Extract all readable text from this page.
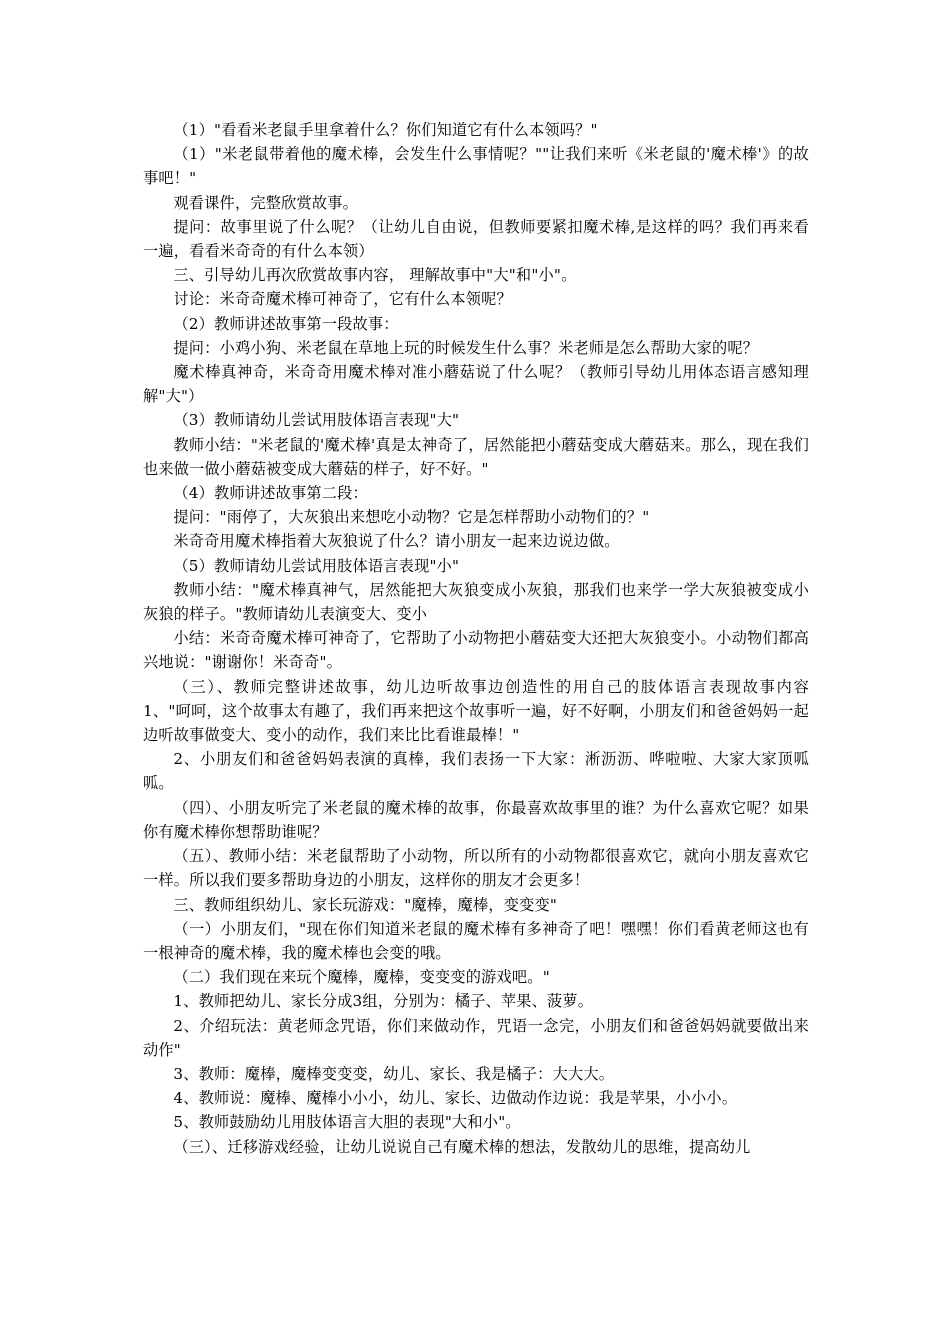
（1）"看看米老鼠手里拿着什么？你们知道它有什么本领吗？"

（1）"米老鼠带着他的魔术棒，会发生什么事情呢？""让我们来听《米老鼠的'魔术棒'》的故事吧！"

观看课件，完整欣赏故事。

提问：故事里说了什么呢？（让幼儿自由说，但教师要紧扣魔术棒,是这样的吗？我们再来看一遍，看看米奇奇的有什么本领）

三、引导幼儿再次欣赏故事内容， 理解故事中"大"和"小"。

讨论：米奇奇魔术棒可神奇了，它有什么本领呢？

（2）教师讲述故事第一段故事：

提问：小鸡小狗、米老鼠在草地上玩的时候发生什么事？米老师是怎么帮助大家的呢？

魔术棒真神奇，米奇奇用魔术棒对准小蘑菇说了什么呢？（教师引导幼儿用体态语言感知理解"大"）

（3）教师请幼儿尝试用肢体语言表现"大"

教师小结："米老鼠的'魔术棒'真是太神奇了，居然能把小蘑菇变成大蘑菇来。那么，现在我们也来做一做小蘑菇被变成大蘑菇的样子，好不好。"

（4）教师讲述故事第二段：

提问："雨停了，大灰狼出来想吃小动物？它是怎样帮助小动物们的？"

米奇奇用魔术棒指着大灰狼说了什么？请小朋友一起来边说边做。

（5）教师请幼儿尝试用肢体语言表现"小"

教师小结："魔术棒真神气，居然能把大灰狼变成小灰狼，那我们也来学一学大灰狼被变成小灰狼的样子。"教师请幼儿表演变大、变小

小结：米奇奇魔术棒可神奇了，它帮助了小动物把小蘑菇变大还把大灰狼变小。小动物们都高兴地说："谢谢你！米奇奇"。

（三）、教师完整讲述故事，幼儿边听故事边创造性的用自己的肢体语言表现故事内容　1、"呵呵，这个故事太有趣了，我们再来把这个故事听一遍，好不好啊，小朋友们和爸爸妈妈一起边听故事做变大、变小的动作，我们来比比看谁最棒！"

2、小朋友们和爸爸妈妈表演的真棒，我们表扬一下大家：淅沥沥、哗啦啦、大家大家顶呱呱。

（四）、小朋友听完了米老鼠的魔术棒的故事，你最喜欢故事里的谁？为什么喜欢它呢？如果你有魔术棒你想帮助谁呢？

（五）、教师小结：米老鼠帮助了小动物，所以所有的小动物都很喜欢它，就向小朋友喜欢它一样。所以我们要多帮助身边的小朋友，这样你的朋友才会更多！

三、教师组织幼儿、家长玩游戏："魔棒，魔棒，变变变"

（一）小朋友们，"现在你们知道米老鼠的魔术棒有多神奇了吧！嘿嘿！你们看黄老师这也有一根神奇的魔术棒，我的魔术棒也会变的哦。

（二）我们现在来玩个魔棒，魔棒，变变变的游戏吧。"

1、教师把幼儿、家长分成3组，分别为：橘子、苹果、菠萝。

2、介绍玩法：黄老师念咒语，你们来做动作，咒语一念完，小朋友们和爸爸妈妈就要做出来动作"

3、教师：魔棒，魔棒变变变，幼儿、家长、我是橘子：大大大。

4、教师说：魔棒、魔棒小小小，幼儿、家长、边做动作边说：我是苹果，小小小。

5、教师鼓励幼儿用肢体语言大胆的表现"大和小"。

（三）、迁移游戏经验，让幼儿说说自己有魔术棒的想法，发散幼儿的思维，提高幼儿
